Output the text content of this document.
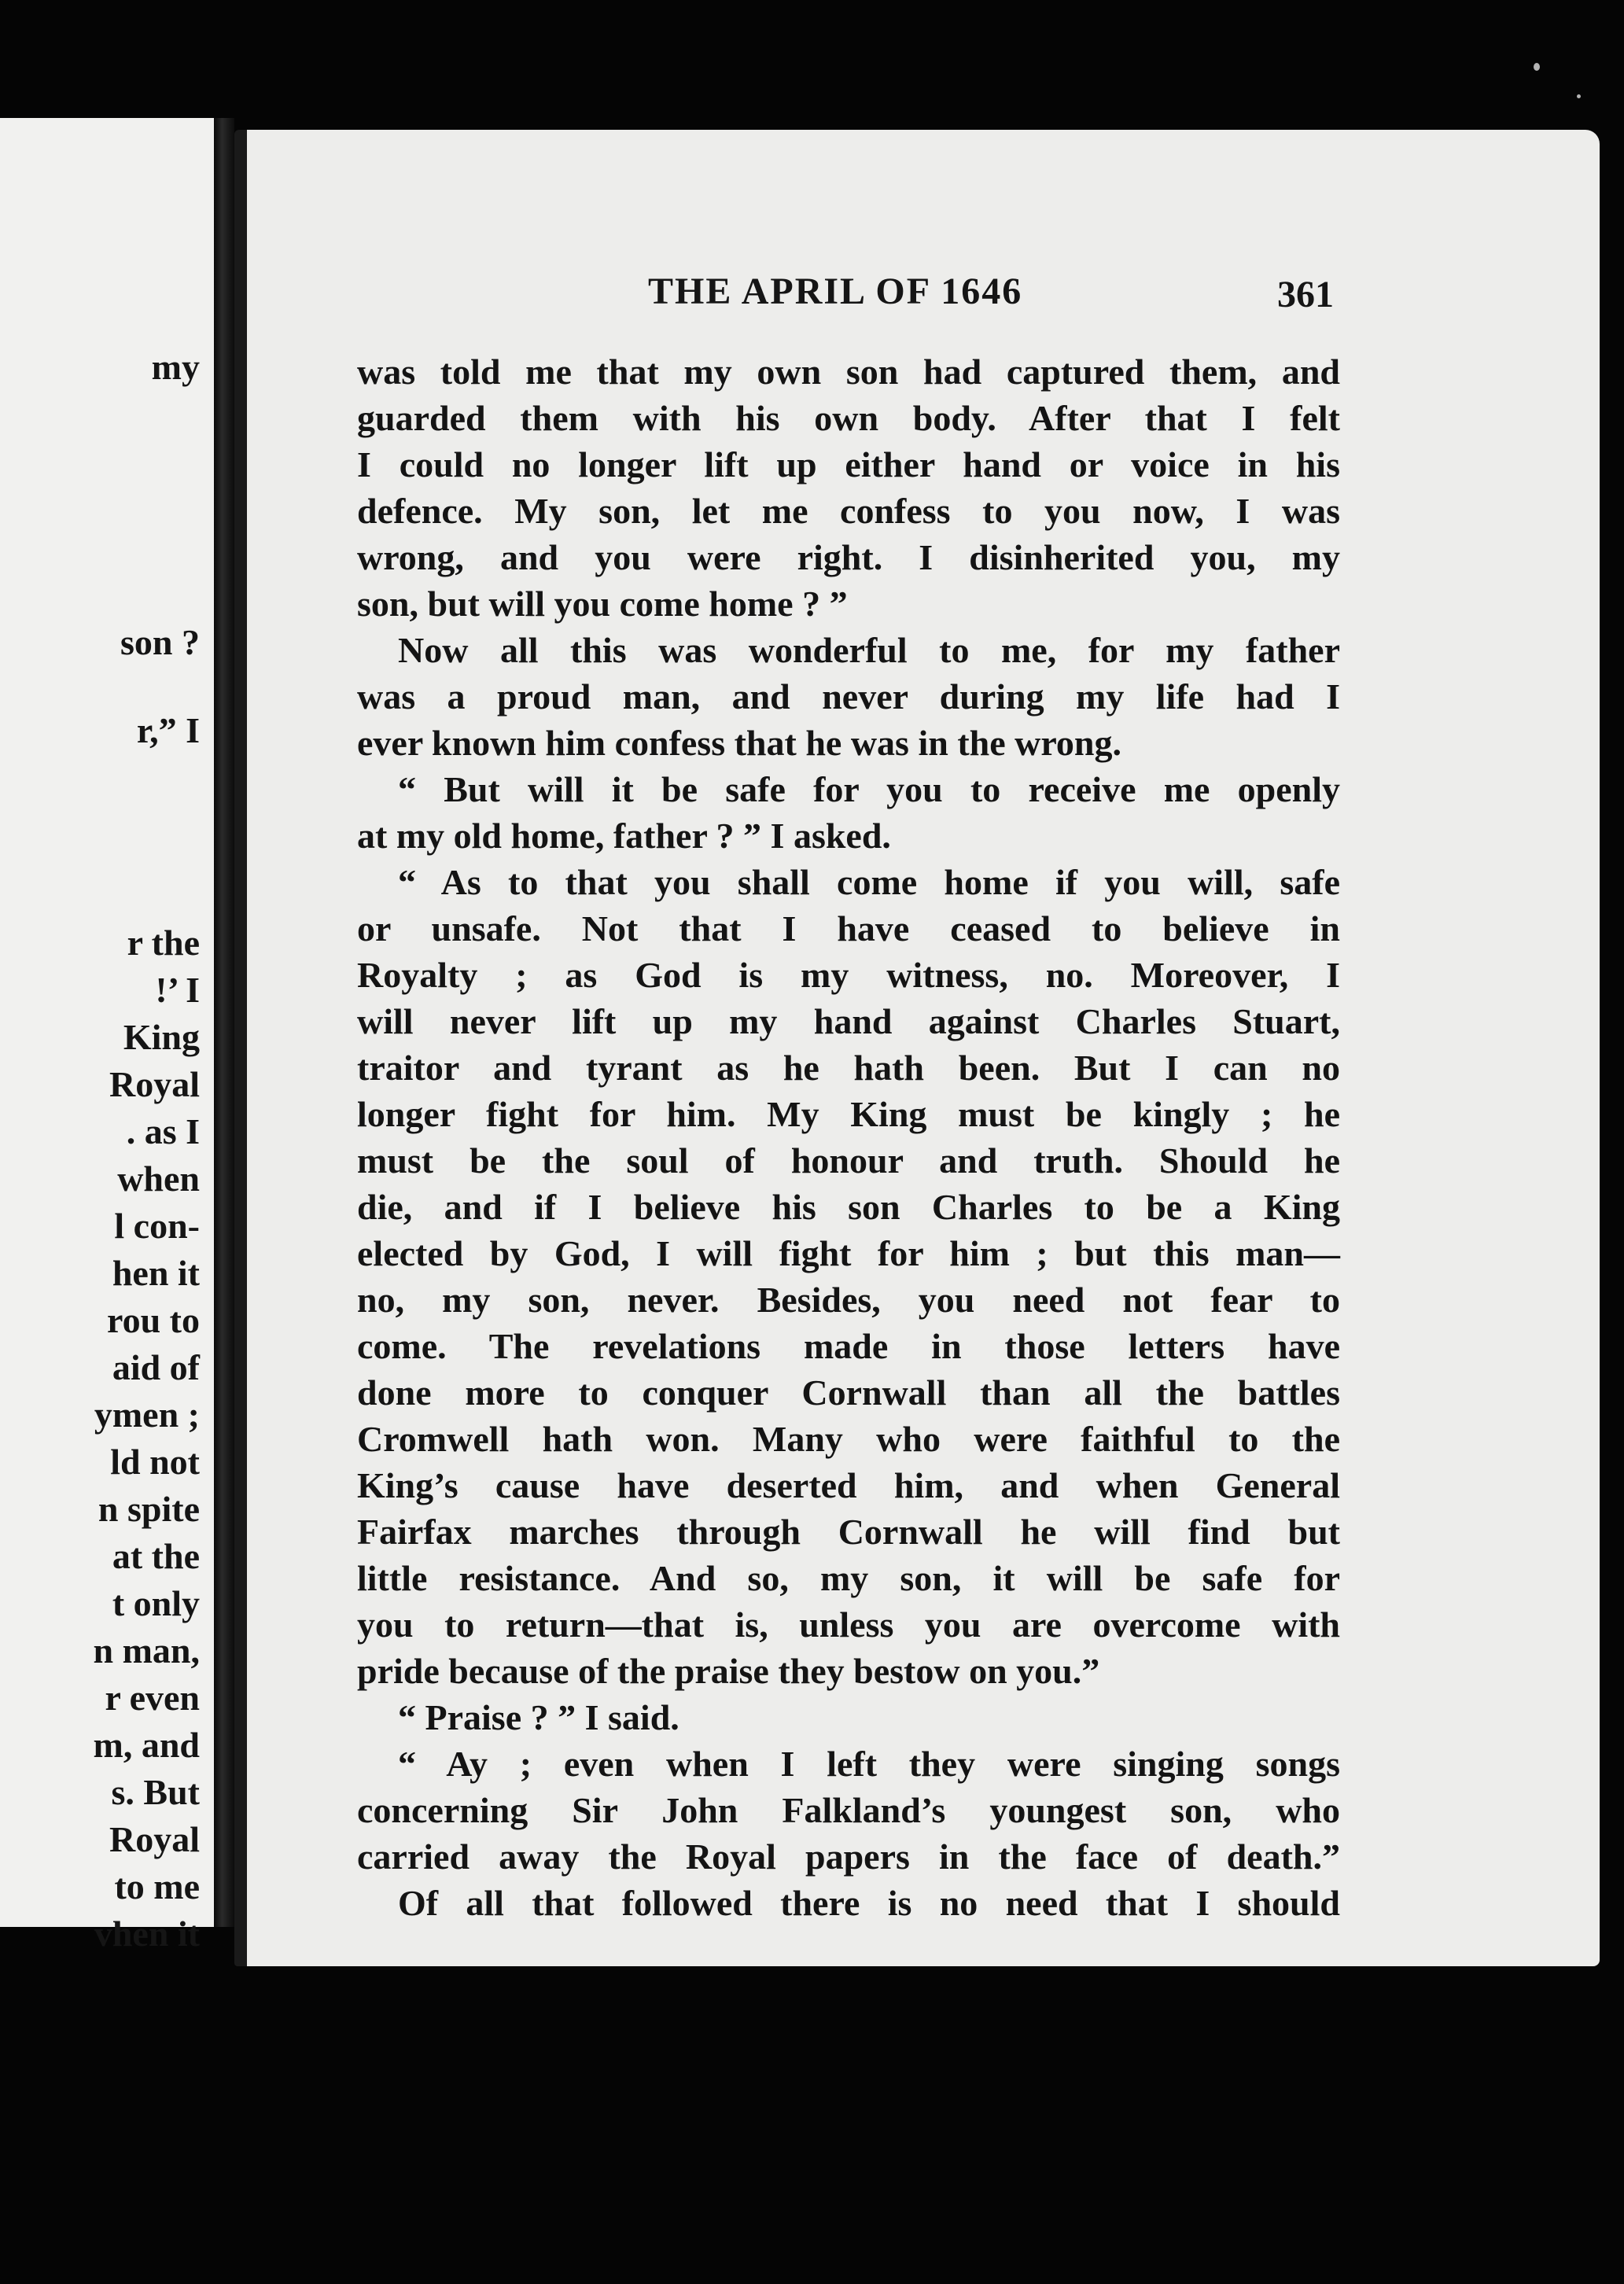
my
son ?
r,” I
r the
!’ I
King
Royal
. as I
when
l con-
hen it
rou to
aid of
ymen ;
ld not
n spite
at the
t only
n man,
r even
m, and
s. But
Royal
to me
vhen it
THE APRIL OF 1646	361
was told me that my own son had captured them, and
guarded them with his own body. After that I felt
I could no longer lift up either hand or voice in his
defence. My son, let me confess to you now, I was
wrong, and you were right. I disinherited you, my
son, but will you come home ? ”
Now all this was wonderful to me, for my father
was a proud man, and never during my life had I
ever known him confess that he was in the wrong.
“ But will it be safe for you to receive me openly
at my old home, father ? ” I asked.
“ As to that you shall come home if you will, safe
or unsafe. Not that I have ceased to believe in
Royalty ; as God is my witness, no. Moreover, I
will never lift up my hand against Charles Stuart,
traitor and tyrant as he hath been. But I can no
longer fight for him. My King must be kingly ; he
must be the soul of honour and truth. Should he
die, and if I believe his son Charles to be a King
elected by God, I will fight for him ; but this man—
no, my son, never. Besides, you need not fear to
come. The revelations made in those letters have
done more to conquer Cornwall than all the battles
Cromwell hath won. Many who were faithful to the
King’s cause have deserted him, and when General
Fairfax marches through Cornwall he will find but
little resistance. And so, my son, it will be safe for
you to return—that is, unless you are overcome with
pride because of the praise they bestow on you.”
“ Praise ? ” I said.
“ Ay ; even when I left they were singing songs
concerning Sir John Falkland’s youngest son, who
carried away the Royal papers in the face of death.”
Of all that followed there is no need that I should
